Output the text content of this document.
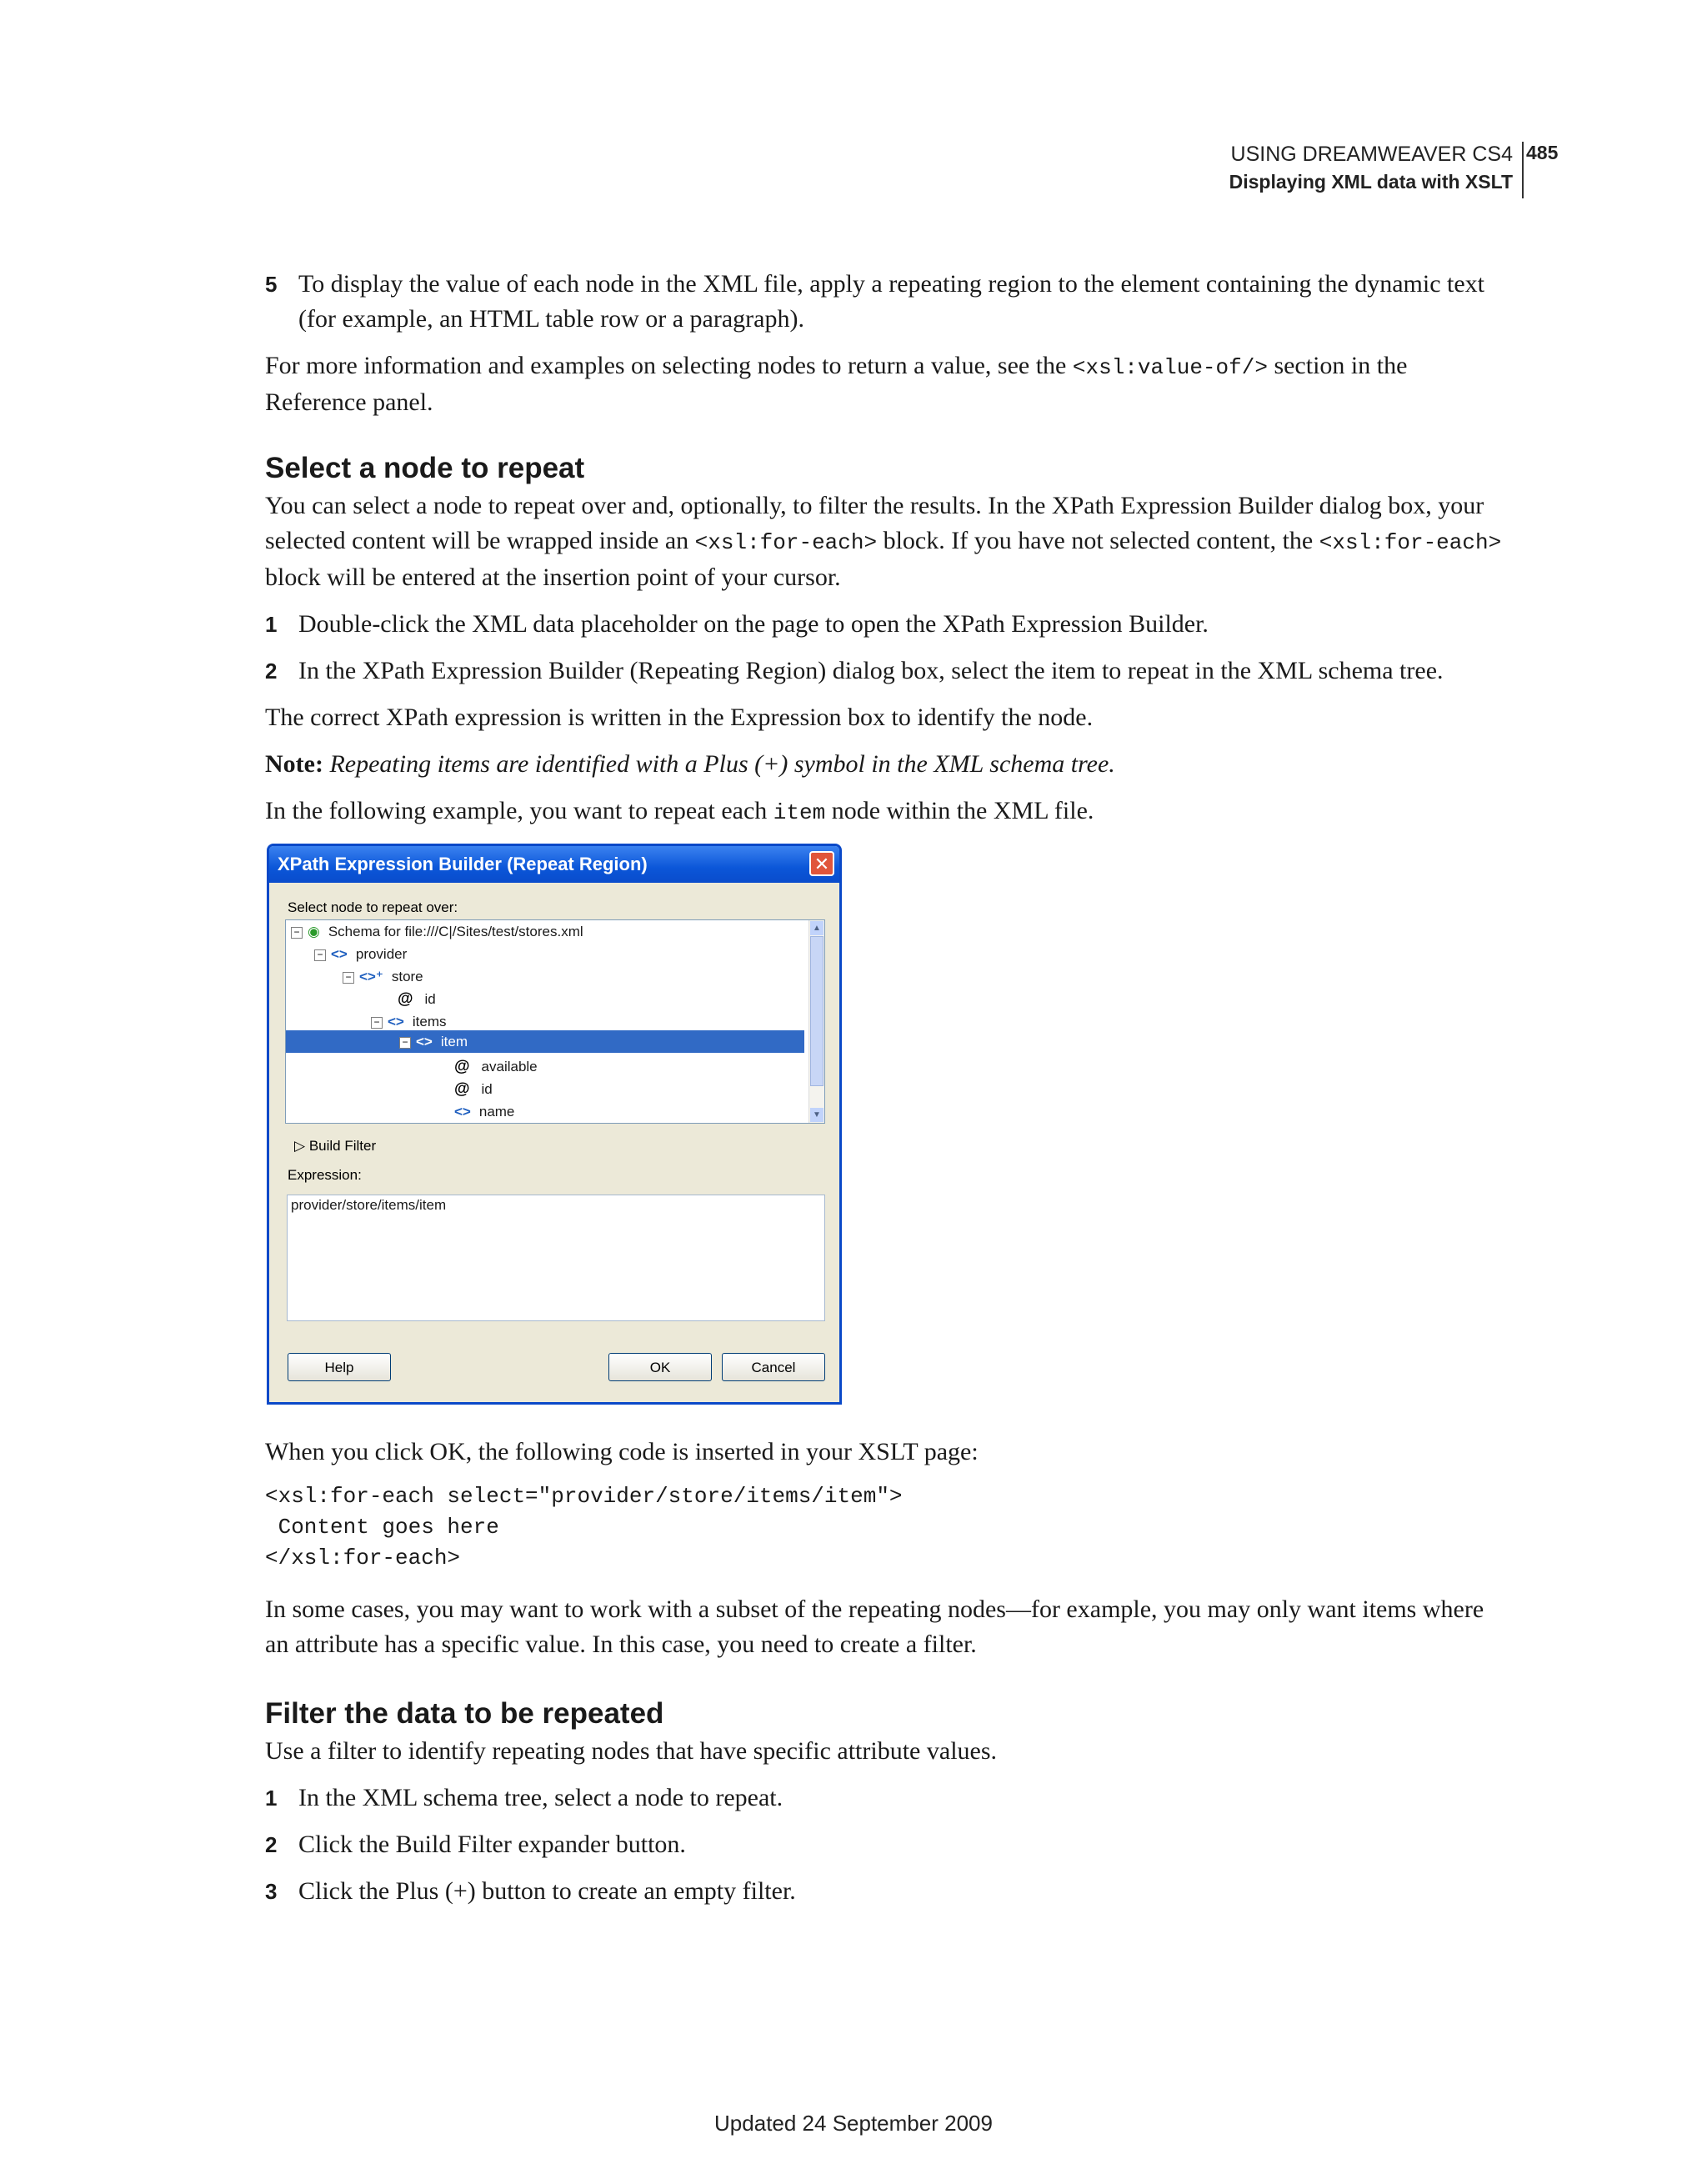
USING DREAMWEAVER CS4
Displaying XML data with XSLT
485
5 To display the value of each node in the XML file, apply a repeating region to the element containing the dynamic text (for example, an HTML table row or a paragraph).

For more information and examples on selecting nodes to return a value, see the <xsl:value-of/> section in the Reference panel.

Select a node to repeat

You can select a node to repeat over and, optionally, to filter the results. In the XPath Expression Builder dialog box, your selected content will be wrapped inside an <xsl:for-each> block. If you have not selected content, the <xsl:for-each> block will be entered at the insertion point of your cursor.

1 Double-click the XML data placeholder on the page to open the XPath Expression Builder.
2 In the XPath Expression Builder (Repeating Region) dialog box, select the item to repeat in the XML schema tree.

The correct XPath expression is written in the Expression box to identify the node.

Note: Repeating items are identified with a Plus (+) symbol in the XML schema tree.

In the following example, you want to repeat each item node within the XML file.

XPath Expression Builder (Repeat Region)	✕
Select node to repeat over:
− ◉ Schema for file:///C|/Sites/test/stores.xml
− <> provider
− <>⁺ store
@ id
− <> items
− <> item
@ available
@ id
<> name
▲
▼
▷ Build Filter
Expression:
provider/store/items/item
Help	OK	Cancel

When you click OK, the following code is inserted in your XSLT page:

<xsl:for-each select="provider/store/items/item">
Content goes here
</xsl:for-each>

In some cases, you may want to work with a subset of the repeating nodes—for example, you may only want items where an attribute has a specific value. In this case, you need to create a filter.

Filter the data to be repeated

Use a filter to identify repeating nodes that have specific attribute values.

1 In the XML schema tree, select a node to repeat.
2 Click the Build Filter expander button.
3 Click the Plus (+) button to create an empty filter.
Updated 24 September 2009
